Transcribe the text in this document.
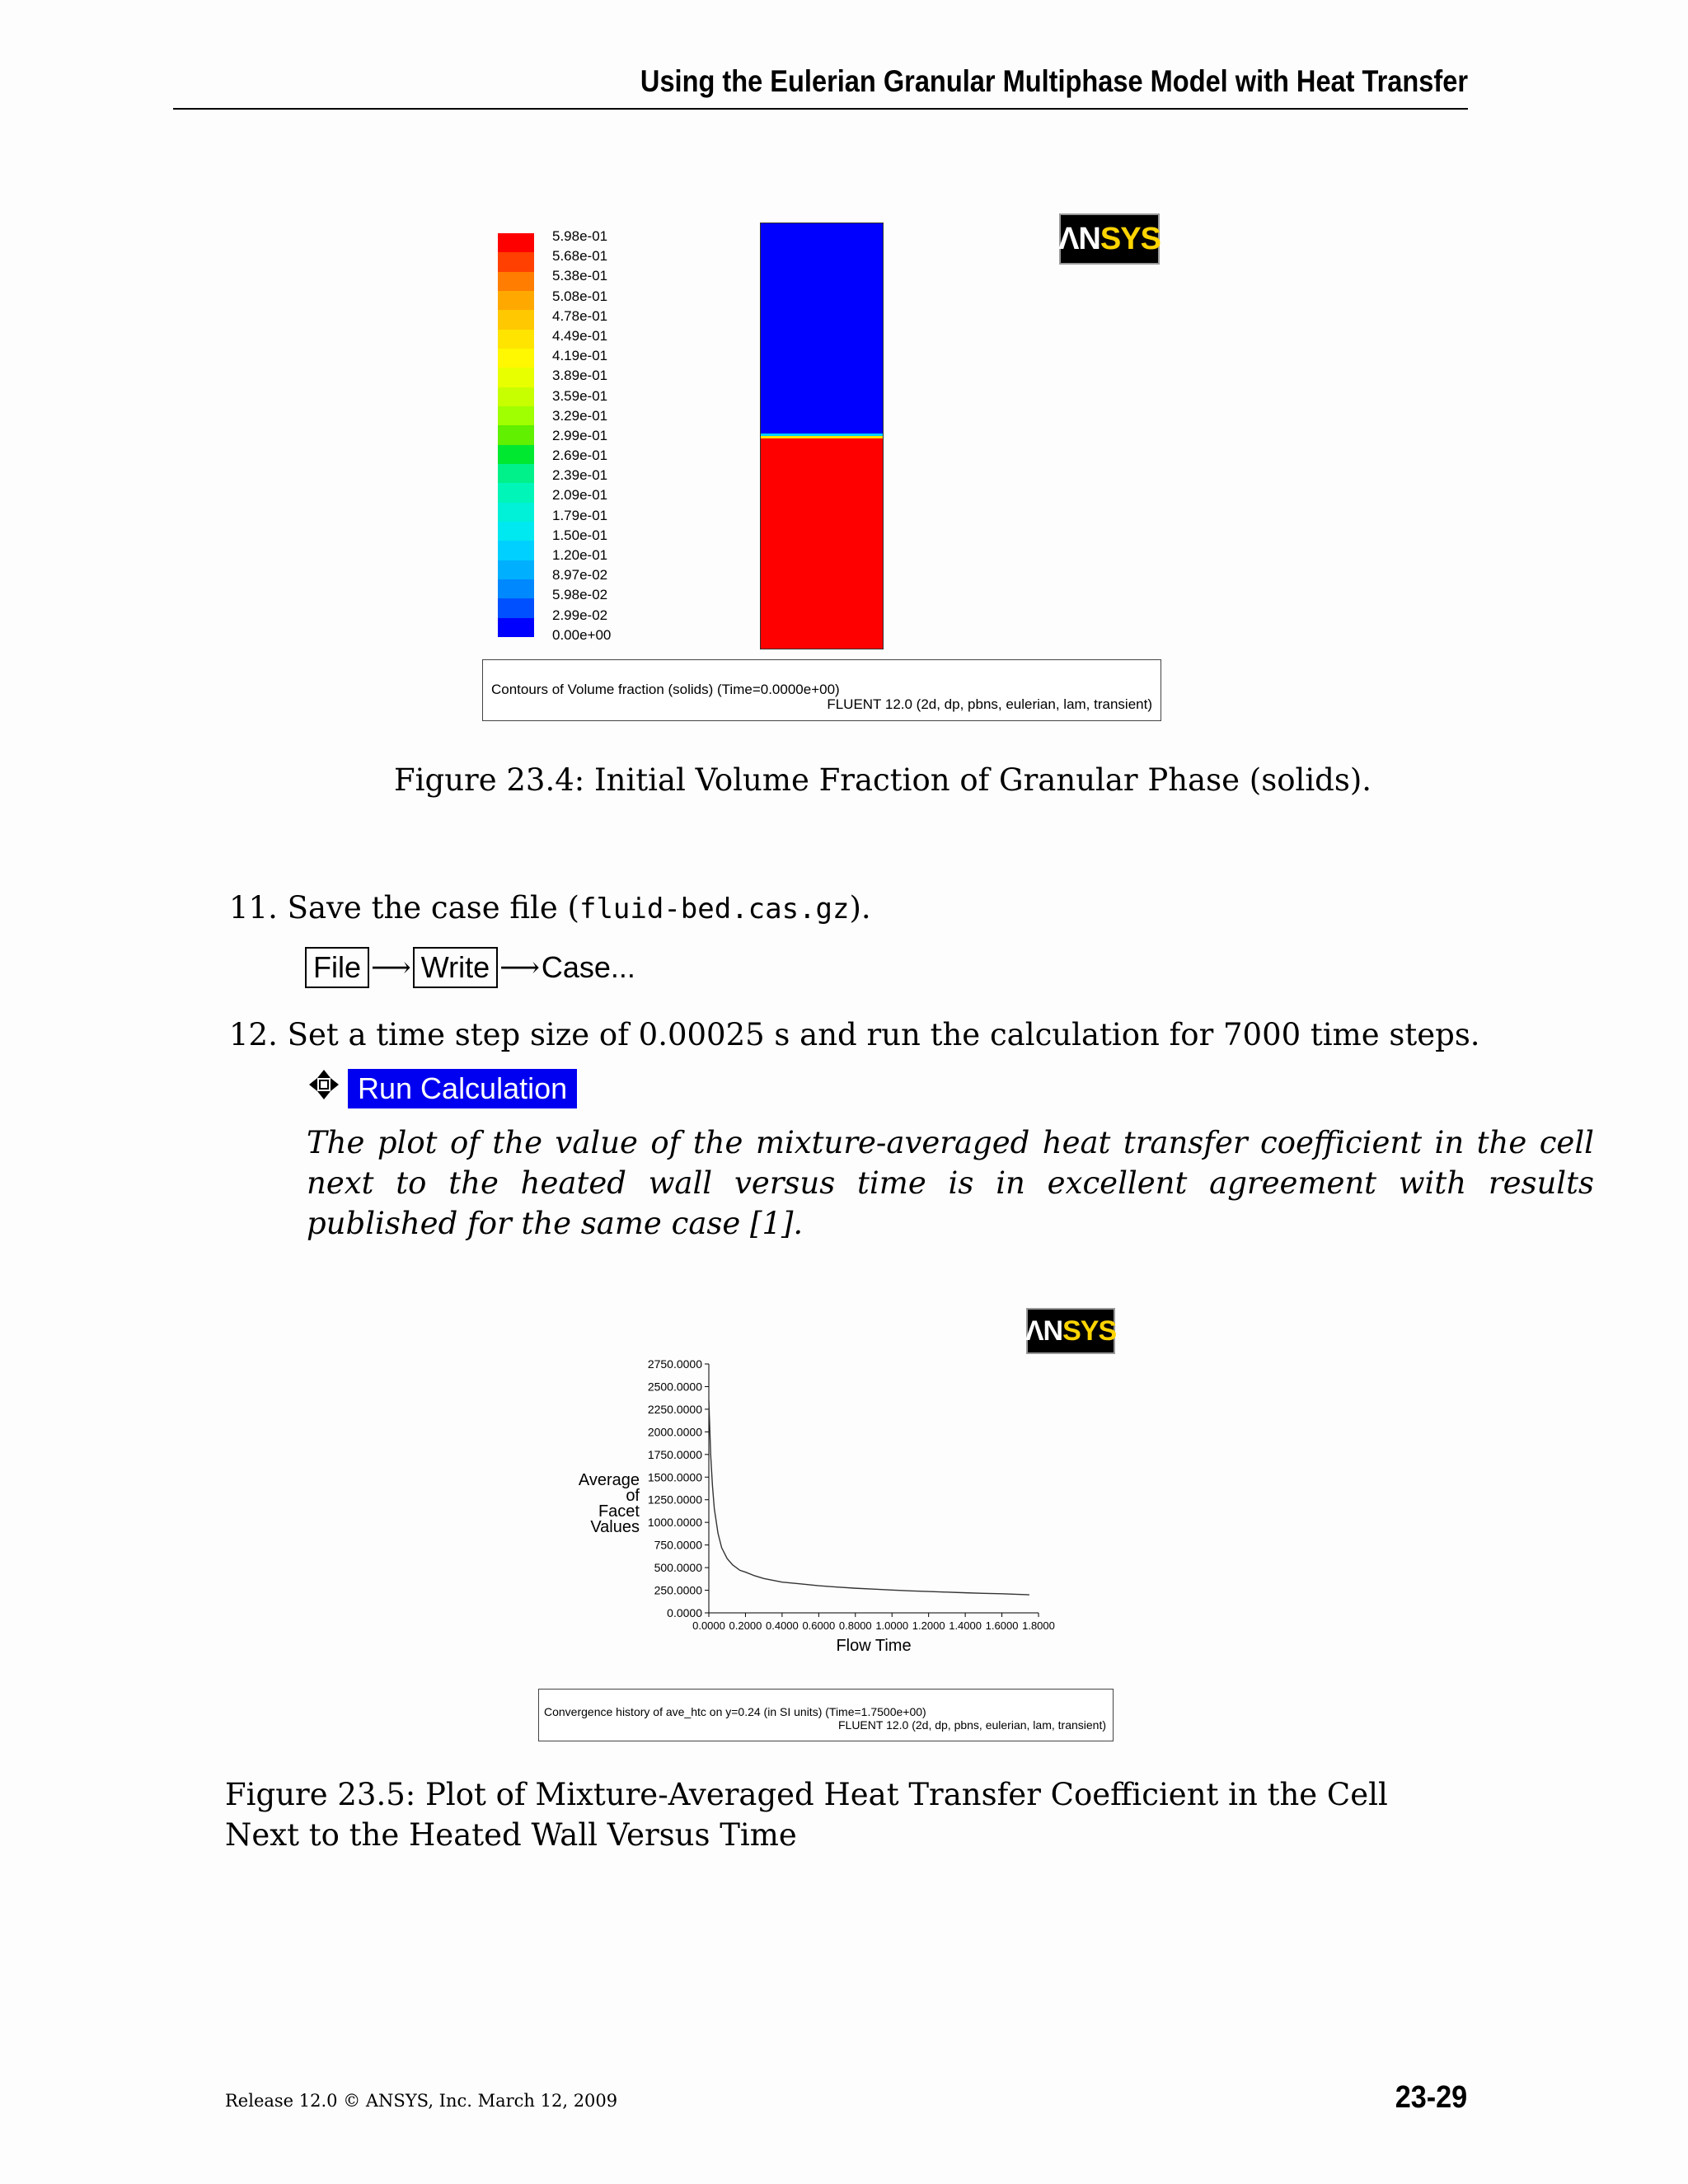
Using the Eulerian Granular Multiphase Model with Heat Transfer
5.98e-01
5.68e-01
5.38e-01
5.08e-01
4.78e-01
4.49e-01
4.19e-01
3.89e-01
3.59e-01
3.29e-01
2.99e-01
2.69e-01
2.39e-01
2.09e-01
1.79e-01
1.50e-01
1.20e-01
8.97e-02
5.98e-02
2.99e-02
0.00e+00
ΛN SYS
Contours of Volume fraction (solids) (Time=0.0000e+00)
FLUENT 12.0 (2d, dp, pbns, eulerian, lam, transient)
Figure 23.4: Initial Volume Fraction of Granular Phase (solids).
11. Save the case file (fluid-bed.cas.gz).
File ⟶ Write ⟶Case...
12. Set a time step size of 0.00025 s and run the calculation for 7000 time steps.
Run Calculation
The plot of the value of the mixture-averaged heat transfer coefficient in the cell next to the heated wall versus time is in excellent agreement with results published for the same case [1].
0.0000
250.0000
500.0000
750.0000
1000.0000
1250.0000
1500.0000
1750.0000
2000.0000
2250.0000
2500.0000
2750.0000
0.0000 0.2000 0.4000 0.6000 0.8000 1.0000 1.2000 1.4000 1.6000 1.8000
Flow Time
Average
of
Facet
Values
ΛN SYS
Convergence history of ave_htc on y=0.24 (in SI units) (Time=1.7500e+00)
FLUENT 12.0 (2d, dp, pbns, eulerian, lam, transient)
Figure 23.5: Plot of Mixture-Averaged Heat Transfer Coefficient in the Cell Next to the Heated Wall Versus Time
Release 12.0 © ANSYS, Inc. March 12, 2009	23-29
